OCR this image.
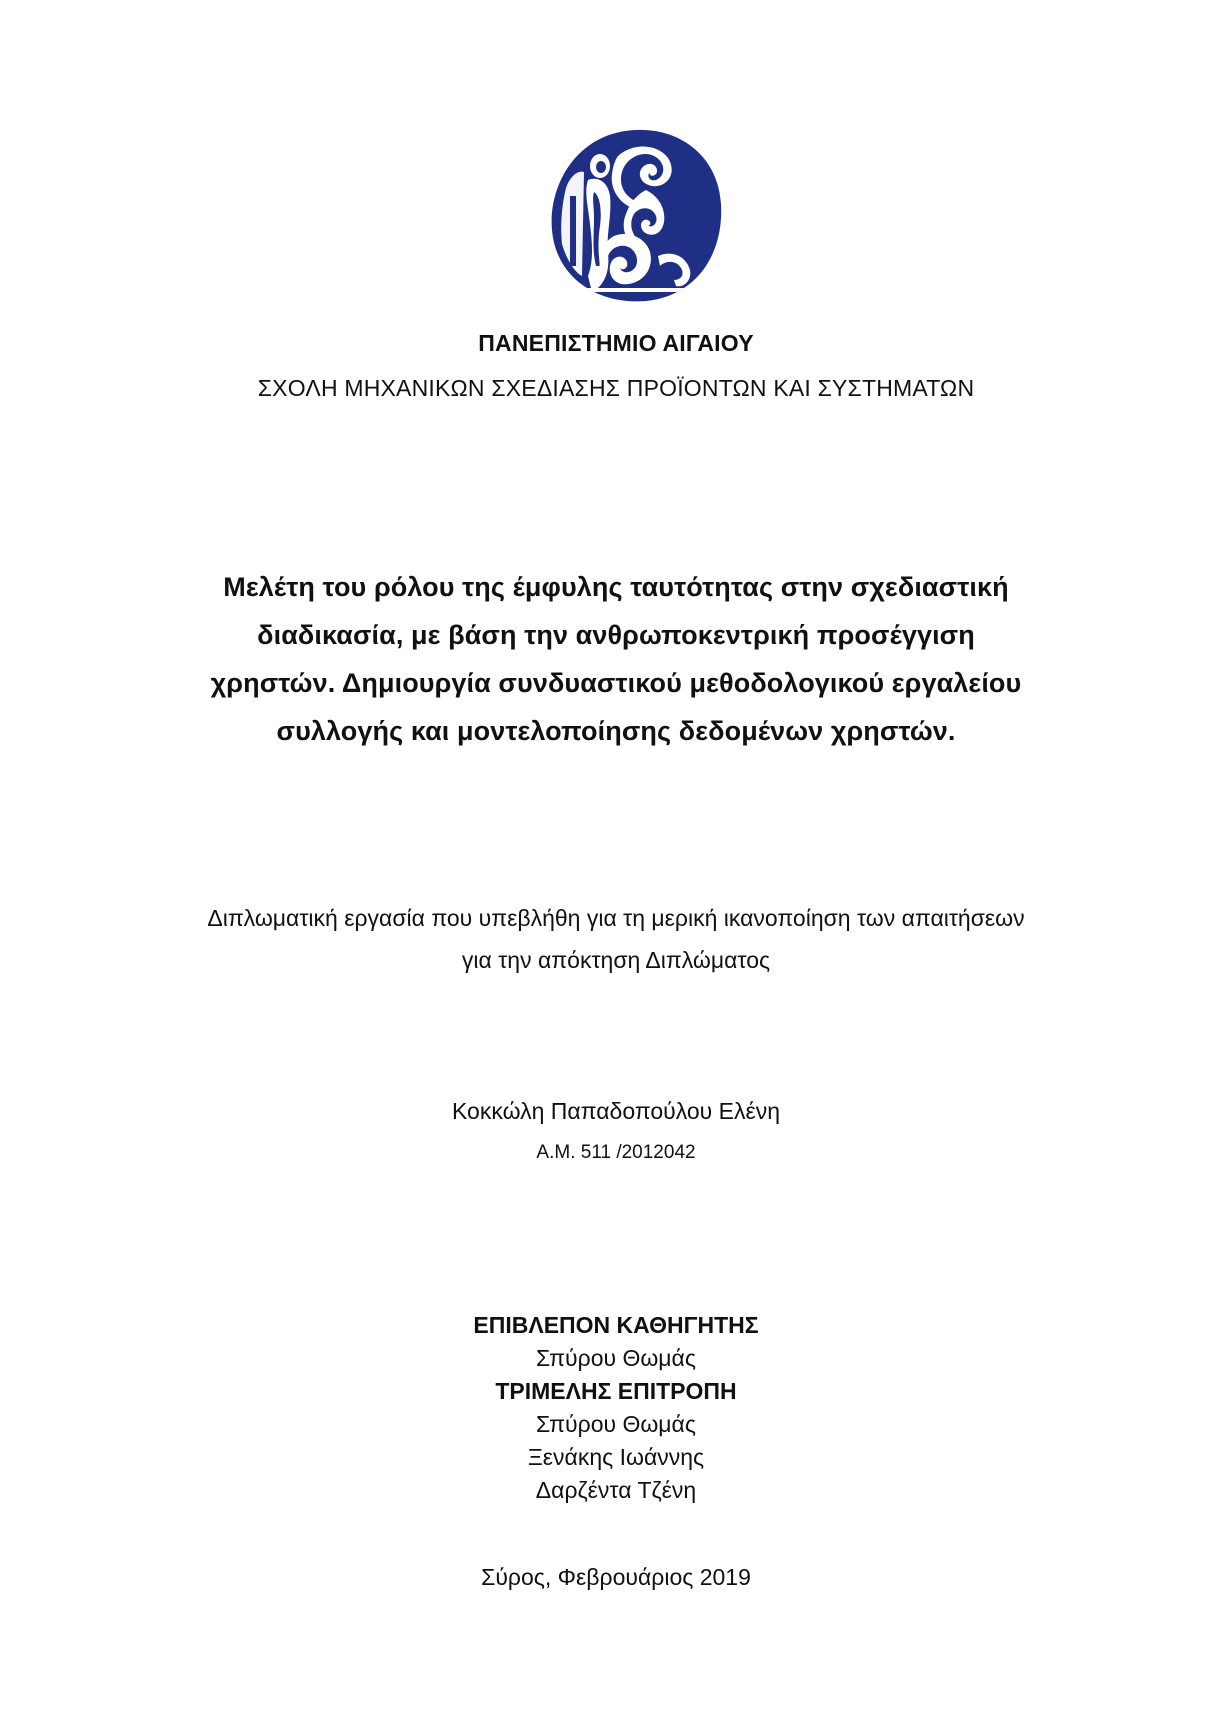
ΠΑΝΕΠΙΣΤΗΜΙΟ ΑΙΓΑΙΟΥ
ΣΧΟΛΗ ΜΗΧΑΝΙΚΩΝ ΣΧΕΔΙΑΣΗΣ ΠΡΟΪΟΝΤΩΝ ΚΑΙ ΣΥΣΤΗΜΑΤΩΝ
Μελέτη του ρόλου της έμφυλης ταυτότητας στην σχεδιαστική
διαδικασία, με βάση την ανθρωποκεντρική προσέγγιση
χρηστών. Δημιουργία συνδυαστικού μεθοδολογικού εργαλείου
συλλογής και μοντελοποίησης δεδομένων χρηστών.
Διπλωματική εργασία που υπεβλήθη για τη μερική ικανοποίηση των απαιτήσεων
για την απόκτηση Διπλώματος
Κοκκώλη Παπαδοπούλου Ελένη
Α.Μ. 511 /2012042
ΕΠΙΒΛΕΠΟΝ ΚΑΘΗΓΗΤΗΣ
Σπύρου Θωμάς
ΤΡΙΜΕΛΗΣ ΕΠΙΤΡΟΠΗ
Σπύρου Θωμάς
Ξενάκης Ιωάννης
Δαρζέντα Τζένη
Σύρος, Φεβρουάριος 2019
